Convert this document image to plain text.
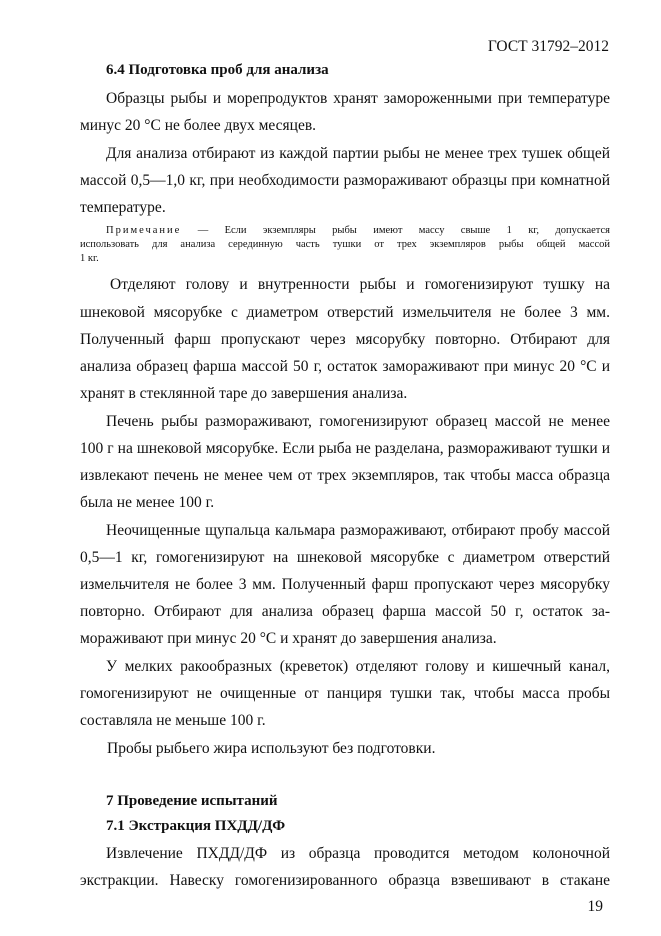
ГОСТ 31792–2012
6.4 Подготовка проб для анализа
Образцы рыбы и морепродуктов хранят замороженными при температуре
минус 20 °С не более двух месяцев.
Для анализа отбирают из каждой партии рыбы не менее трех тушек общей
массой 0,5—1,0 кг, при необходимости размораживают образцы при комнатной
температуре.
Примечание — Если экземпляры рыбы имеют массу свыше 1 кг, допускается
использовать для анализа серединную часть тушки от трех экземпляров рыбы общей массой
1 кг.
Отделяют голову и внутренности рыбы и гомогенизируют тушку на
шнековой мясорубке с диаметром отверстий измельчителя не более 3 мм.
Полученный фарш пропускают через мясорубку повторно. Отбирают для
анализа образец фарша массой 50 г, остаток замораживают при минус 20 °С и
хранят в стеклянной таре до завершения анализа.
Печень рыбы размораживают, гомогенизируют образец массой не менее
100 г на шнековой мясорубке. Если рыба не разделана, размораживают тушки и
извлекают печень не менее чем от трех экземпляров, так чтобы масса образца
была не менее 100 г.
Неочищенные щупальца кальмара размораживают, отбирают пробу массой
0,5—1 кг, гомогенизируют на шнековой мясорубке с диаметром отверстий
измельчителя не более 3 мм. Полученный фарш пропускают через мясорубку
повторно. Отбирают для анализа образец фарша массой 50 г, остаток за-
мораживают при минус 20 °С и хранят до завершения анализа.
У мелких ракообразных (креветок) отделяют голову и кишечный канал,
гомогенизируют не очищенные от панциря тушки так, чтобы масса пробы
составляла не меньше 100 г.
Пробы рыбьего жира используют без подготовки.
7 Проведение испытаний
7.1 Экстракция ПХДД/ДФ
Извлечение ПХДД/ДФ из образца проводится методом колоночной
экстракции. Навеску гомогенизированного образца взвешивают в стакане
19
